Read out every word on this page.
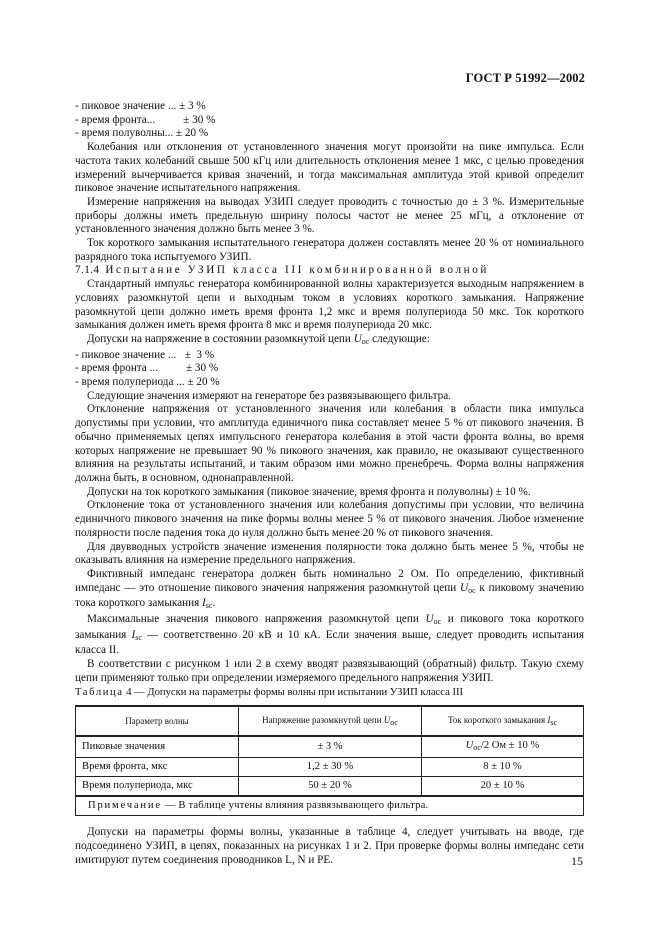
ГОСТ Р 51992—2002

- пиковое значение ... ± 3 %

- время фронта...          ± 30 %

- время полуволны... ± 20 %

Колебания или отклонения от установленного значения могут произойти на пике импульса. Если частота таких колебаний свыше 500 кГц или длительность отклонения менее 1 мкс, с целью проведения измерений вычерчивается кривая значений, и тогда максимальная амплитуда этой кривой определит пиковое значение испытательного напряжения.

Измерение напряжения на выводах УЗИП следует проводить с точностью до ± 3 %. Измерительные приборы должны иметь предельную ширину полосы частот не менее 25 мГц, а отклонение от установленного значения должно быть менее 3 %.

Ток короткого замыкания испытательного генератора должен составлять менее 20 % от номинального разрядного тока испытуемого УЗИП.

7.1.4 Испытание УЗИП класса III комбинированной волной

Стандартный импульс генератора комбинированной волны характеризуется выходным напряжением в условиях разомкнутой цепи и выходным током в условиях короткого замыкания. Напряжение разомкнутой цепи должно иметь время фронта 1,2 мкс и время полупериода 50 мкс. Ток короткого замыкания должен иметь время фронта 8 мкс и время полупериода 20 мкс.

Допуски на напряжение в состоянии разомкнутой цепи $U_{oc}$ следующие:

- пиковое значение ...   ±  3 %

- время фронта ...          ± 30 %

- время полупериода ... ± 20 %

Следующие значения измеряют на генераторе без развязывающего фильтра.

Отклонение напряжения от установленного значения или колебания в области пика импульса допустимы при условии, что амплитуда единичного пика составляет менее 5 % от пикового значения. В обычно применяемых цепях импульсного генератора колебания в этой части фронта волны, во время которых напряжение не превышает 90 % пикового значения, как правило, не оказывают существенного влияния на результаты испытаний, и таким образом ими можно пренебречь. Форма волны напряжения должна быть, в основном, однонаправленной.

Допуски на ток короткого замыкания (пиковое значение, время фронта и полуволны) ± 10 %.

Отклонение тока от установленного значения или колебания допустимы при условии, что величина единичного пикового значения на пике формы волны менее 5 % от пикового значения. Любое изменение полярности после падения тока до нуля должно быть менее 20 % от пикового значения.

Для двувводных устройств значение изменения полярности тока должно быть менее 5 %, чтобы не оказывать влияния на измерение предельного напряжения.

Фиктивный импеданс генератора должен быть номинально 2 Ом. По определению, фиктивный импеданс — это отношение пикового значения напряжения разомкнутой цепи $U_{oc}$ к пиковому значению тока короткого замыкания $I_{sc}$.

Максимальные значения пикового напряжения разомкнутой цепи $U_{oc}$ и пикового тока короткого замыкания $I_{sc}$ — соответственно 20 кВ и 10 кА. Если значения выше, следует проводить испытания класса II.

В соответствии с рисунком 1 или 2 в схему вводят развязывающий (обратный) фильтр. Такую схему цепи применяют только при определении измеряемого предельного напряжения УЗИП.

Таблица 4 — Допуски на параметры формы волны при испытании УЗИП класса III

Параметр волны	Напряжение разомкнутой цепи Uoc	Ток короткого замыкания Isc
Пиковые значения	± 3 %	$U_{oc}/2$ Ом ± 10 %
Время фронта, мкс	1,2 ± 30 %	8 ± 10 %
Время полупериода, мкс	50 ± 20 %	20 ± 10 %
Примечание — В таблице учтены влияния развязывающего фильтра.		

Допуски на параметры формы волны, указанные в таблице 4, следует учитывать на вводе, где подсоединено УЗИП, в цепях, показанных на рисунках 1 и 2. При проверке формы волны импеданс сети имитируют путем соединения проводников L, N и PE.	15
